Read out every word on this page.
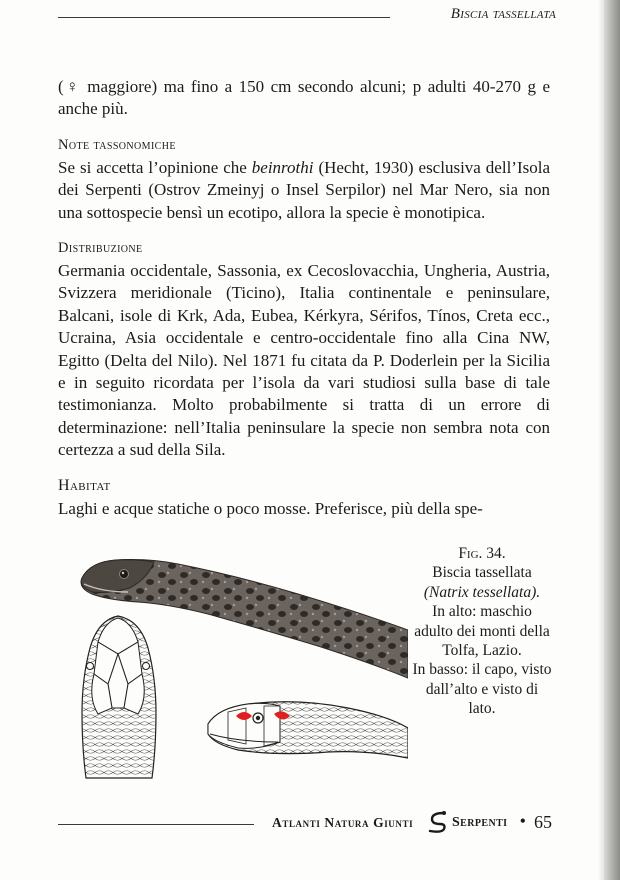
Biscia tassellata

(♀ maggiore) ma fino a 150 cm secondo alcuni; p adulti 40-270 g e anche più.

Note tassonomiche

Se si accetta l’opinione che beinrothi (Hecht, 1930) esclusiva dell’Isola dei Serpenti (Ostrov Zmeinyj o Insel Serpilor) nel Mar Nero, sia non una sottospecie bensì un ecotipo, allora la specie è monotipica.

Distribuzione

Germania occidentale, Sassonia, ex Cecoslovacchia, Ungheria, Austria, Svizzera meridionale (Ticino), Italia continentale e peninsulare, Balcani, isole di Krk, Ada, Eubea, Kérkyra, Sérifos, Tínos, Creta ecc., Ucraina, Asia occidentale e centro-occidentale fino alla Cina NW, Egitto (Delta del Nilo). Nel 1871 fu citata da P. Doderlein per la Sicilia e in seguito ricordata per l’isola da vari studiosi sulla base di tale testimonianza. Molto probabilmente si tratta di un errore di determinazione: nell’Italia peninsulare la specie non sembra nota con certezza a sud della Sila.

Habitat

Laghi e acque statiche o poco mosse. Preferisce, più della spe-

Fig. 34.
Biscia tassellata
(Natrix tessellata).
In alto: maschio adulto dei monti della Tolfa, Lazio.
In basso: il capo, visto dall’alto e visto di lato.
Atlanti Natura Giunti	Serpenti • 65
